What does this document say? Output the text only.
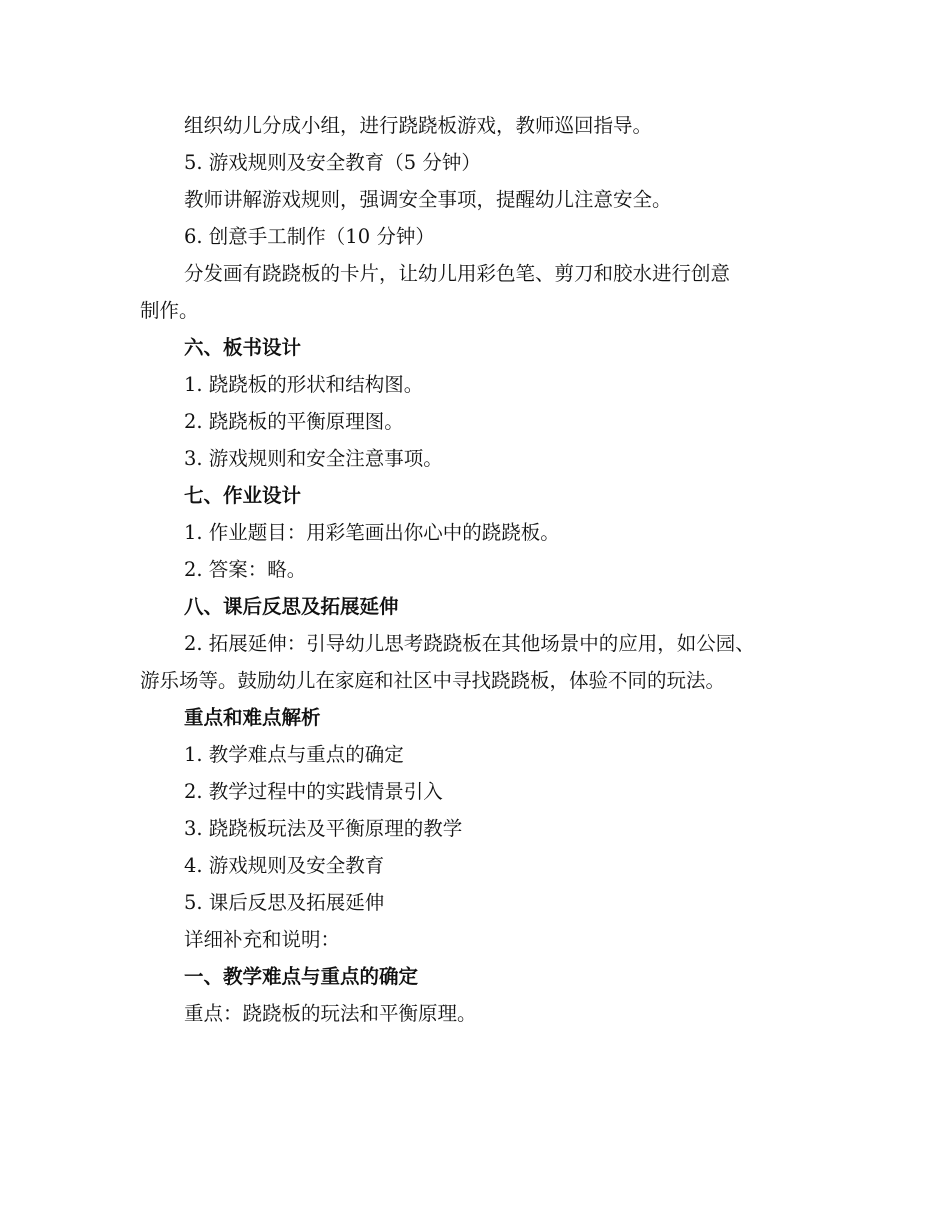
组织幼儿分成小组，进行跷跷板游戏，教师巡回指导。

5. 游戏规则及安全教育（5 分钟）

教师讲解游戏规则，强调安全事项，提醒幼儿注意安全。

6. 创意手工制作（10 分钟）

分发画有跷跷板的卡片，让幼儿用彩色笔、剪刀和胶水进行创意

制作。

六、板书设计

1. 跷跷板的形状和结构图。

2. 跷跷板的平衡原理图。

3. 游戏规则和安全注意事项。

七、作业设计

1. 作业题目：用彩笔画出你心中的跷跷板。

2. 答案：略。

八、课后反思及拓展延伸

2. 拓展延伸：引导幼儿思考跷跷板在其他场景中的应用，如公园、

游乐场等。鼓励幼儿在家庭和社区中寻找跷跷板，体验不同的玩法。

重点和难点解析

1. 教学难点与重点的确定

2. 教学过程中的实践情景引入

3. 跷跷板玩法及平衡原理的教学

4. 游戏规则及安全教育

5. 课后反思及拓展延伸

详细补充和说明：

一、教学难点与重点的确定

重点：跷跷板的玩法和平衡原理。
